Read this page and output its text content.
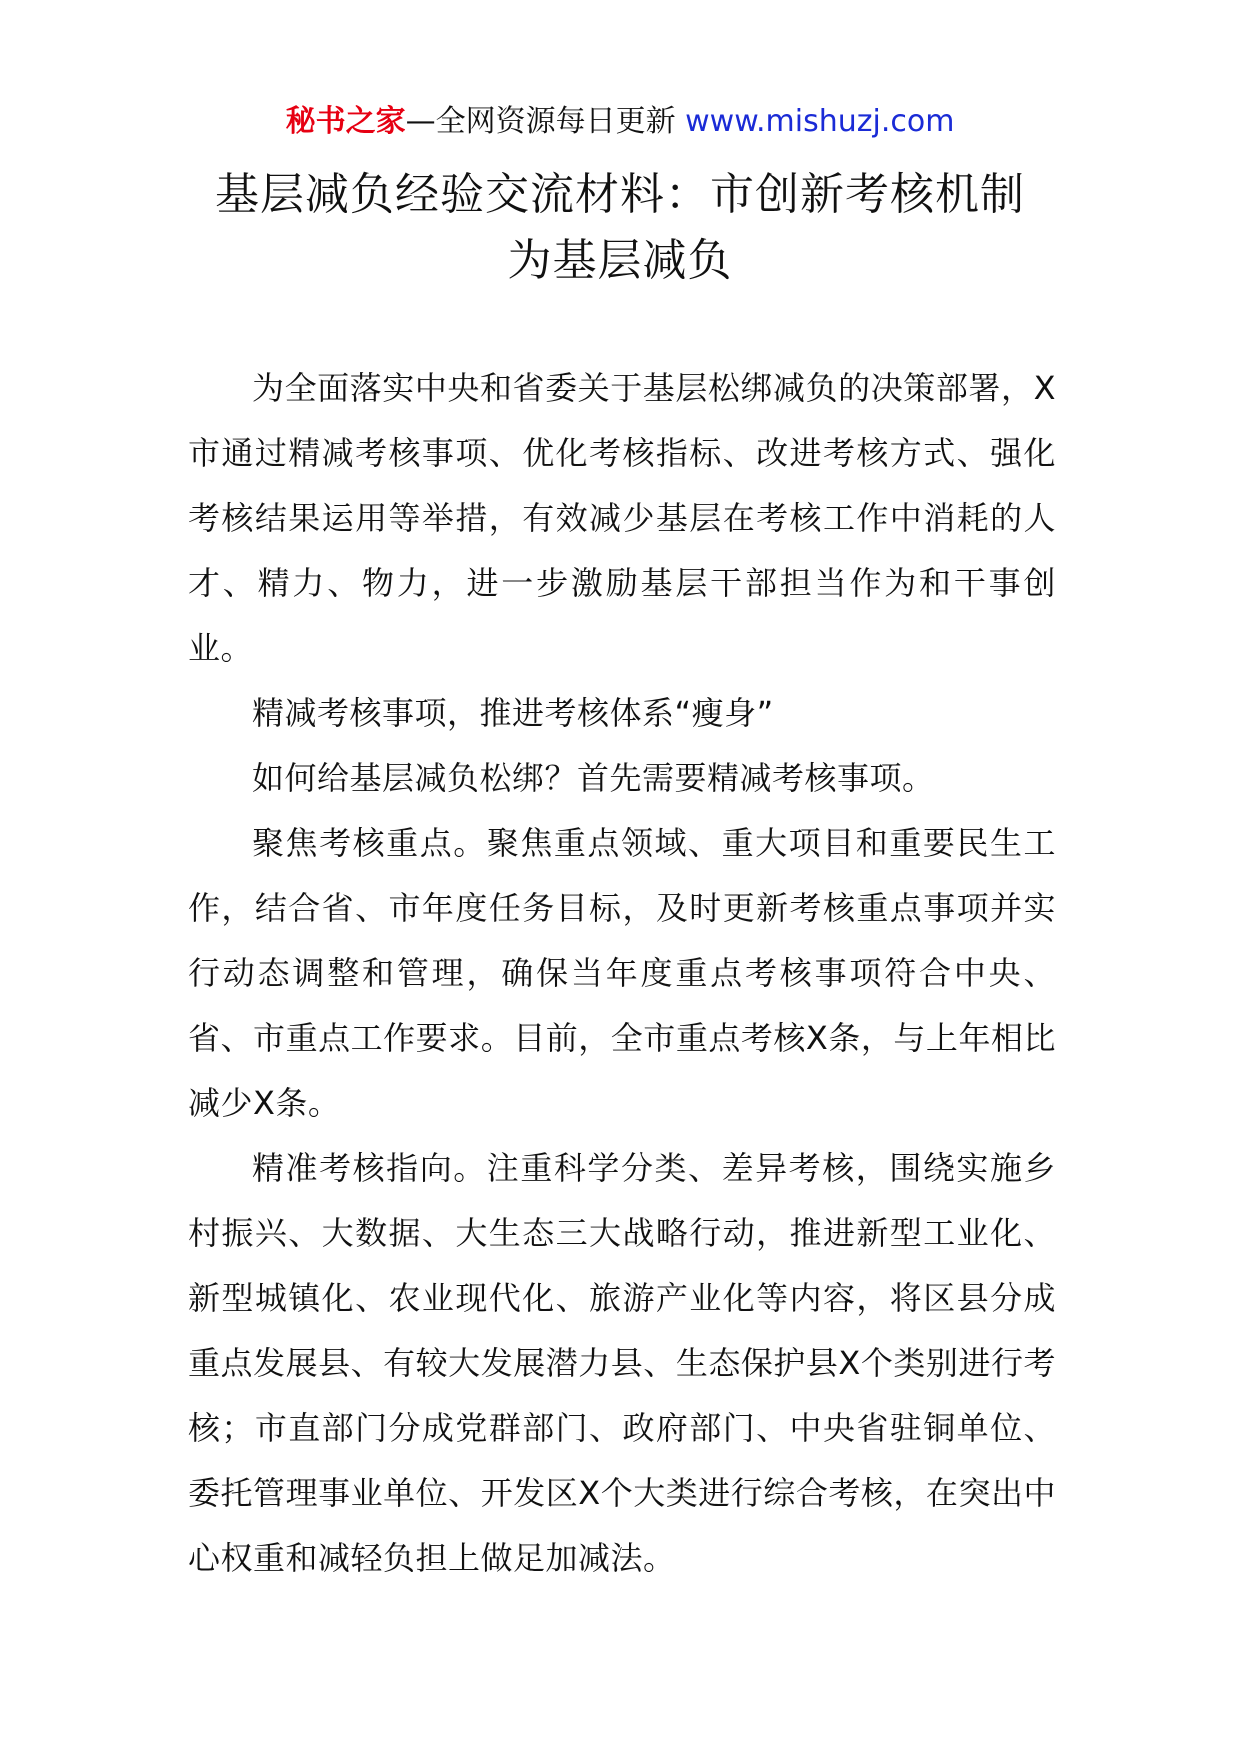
秘书之家—全网资源每日更新 www.mishuzj.com
基层减负经验交流材料：市创新考核机制
为基层减负

为全面落实中央和省委关于基层松绑减负的决策部署，X市通过精减考核事项、优化考核指标、改进考核方式、强化考核结果运用等举措，有效减少基层在考核工作中消耗的人才、精力、物力，进一步激励基层干部担当作为和干事创业。

精减考核事项，推进考核体系“瘦身”

如何给基层减负松绑？首先需要精减考核事项。

聚焦考核重点。聚焦重点领域、重大项目和重要民生工作，结合省、市年度任务目标，及时更新考核重点事项并实行动态调整和管理，确保当年度重点考核事项符合中央、省、市重点工作要求。目前，全市重点考核X条，与上年相比减少X条。

精准考核指向。注重科学分类、差异考核，围绕实施乡村振兴、大数据、大生态三大战略行动，推进新型工业化、新型城镇化、农业现代化、旅游产业化等内容，将区县分成重点发展县、有较大发展潜力县、生态保护县X个类别进行考核；市直部门分成党群部门、政府部门、中央省驻铜单位、委托管理事业单位、开发区X个大类进行综合考核，在突出中心权重和减轻负担上做足加减法。
